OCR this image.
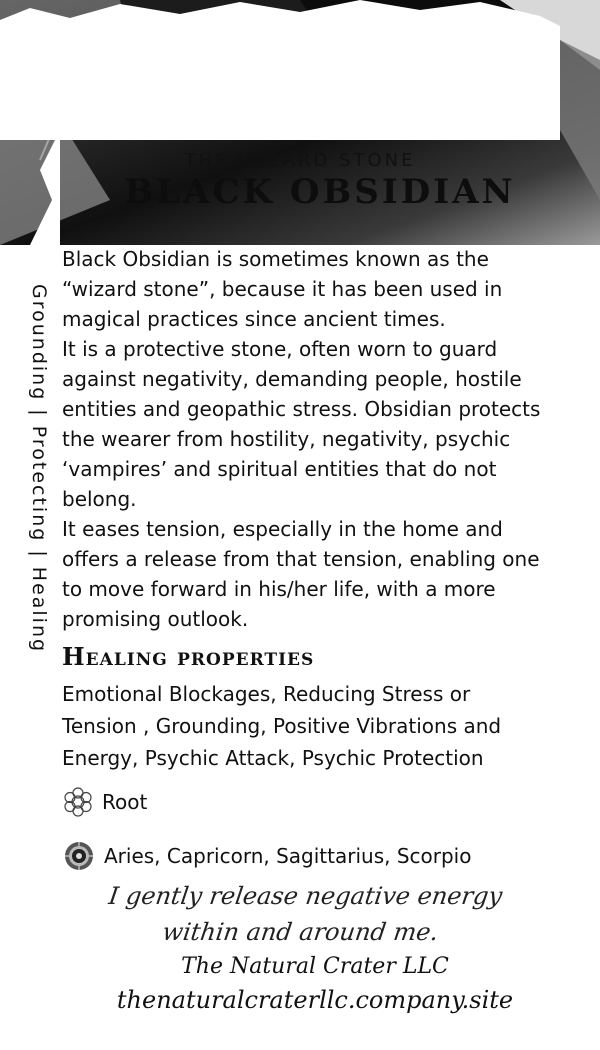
THE WIZARD STONE
BLACK OBSIDIAN
Grounding | Protecting | Healing

Black Obsidian is sometimes known as the “wizard stone”, because it has been used in magical practices since ancient times.

It is a protective stone, often worn to guard against negativity, demanding people, hostile entities and geopathic stress. Obsidian protects the wearer from hostility, negativity, psychic ‘vampires’ and spiritual entities that do not belong.

It eases tension, especially in the home and offers a release from that tension, enabling one to move forward in his/her life, with a more promising outlook.

Healing properties
Emotional Blockages, Reducing Stress or Tension , Grounding, Positive Vibrations and Energy, Psychic Attack, Psychic Protection
Root
Aries, Capricorn, Sagittarius, Scorpio
I gently release negative energy within and around me.
The Natural Crater LLC
thenaturalcraterllc.company.site
